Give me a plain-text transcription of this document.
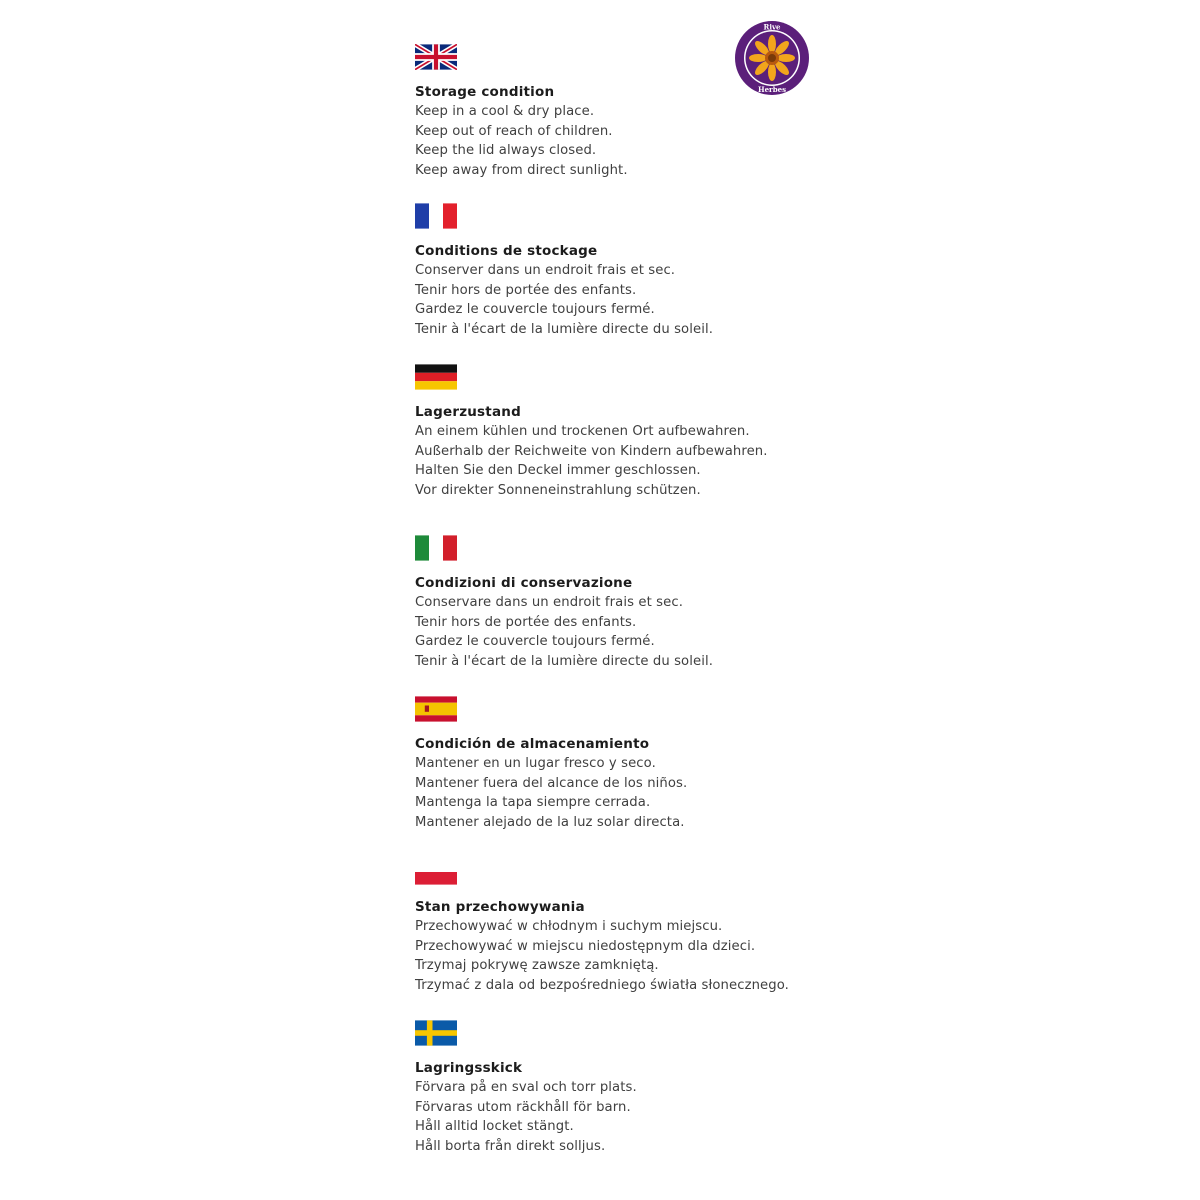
Rive
Herbes
Storage condition
Keep in a cool & dry place.
Keep out of reach of children.
Keep the lid always closed.
Keep away from direct sunlight.
Conditions de stockage
Conserver dans un endroit frais et sec.
Tenir hors de portée des enfants.
Gardez le couvercle toujours fermé.
Tenir à l'écart de la lumière directe du soleil.
Lagerzustand
An einem kühlen und trockenen Ort aufbewahren.
Außerhalb der Reichweite von Kindern aufbewahren.
Halten Sie den Deckel immer geschlossen.
Vor direkter Sonneneinstrahlung schützen.
Condizioni di conservazione
Conservare dans un endroit frais et sec.
Tenir hors de portée des enfants.
Gardez le couvercle toujours fermé.
Tenir à l'écart de la lumière directe du soleil.
Condición de almacenamiento
Mantener en un lugar fresco y seco.
Mantener fuera del alcance de los niños.
Mantenga la tapa siempre cerrada.
Mantener alejado de la luz solar directa.
Stan przechowywania
Przechowywać w chłodnym i suchym miejscu.
Przechowywać w miejscu niedostępnym dla dzieci.
Trzymaj pokrywę zawsze zamkniętą.
Trzymać z dala od bezpośredniego światła słonecznego.
Lagringsskick
Förvara på en sval och torr plats.
Förvaras utom räckhåll för barn.
Håll alltid locket stängt.
Håll borta från direkt solljus.
